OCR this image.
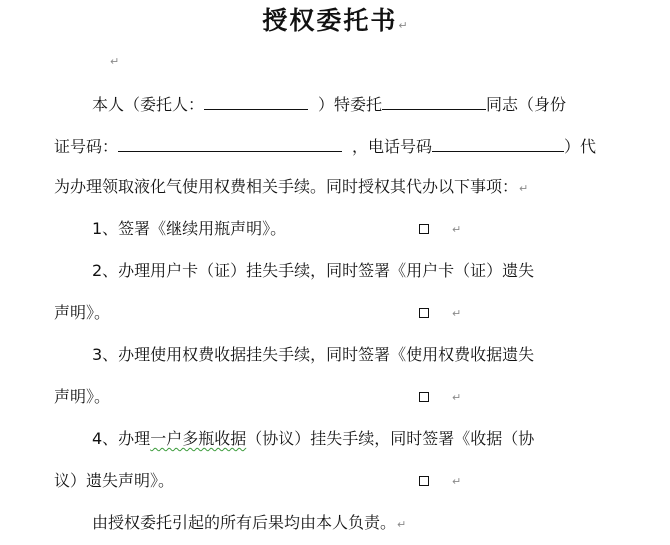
授权委托书↵
↵
本人（委托人：	）特委托	同志（身份
证号码：	，电话号码	）代
为办理领取液化气使用权费相关手续。同时授权其代办以下事项：↵
1、签署《继续用瓶声明》。	↵
2、办理用户卡（证）挂失手续，同时签署《用户卡（证）遗失
声明》。	↵
3、办理使用权费收据挂失手续，同时签署《使用权费收据遗失
声明》。	↵
4、办理一户多瓶收据（协议）挂失手续，同时签署《收据（协
议）遗失声明》。	↵
由授权委托引起的所有后果均由本人负责。↵
